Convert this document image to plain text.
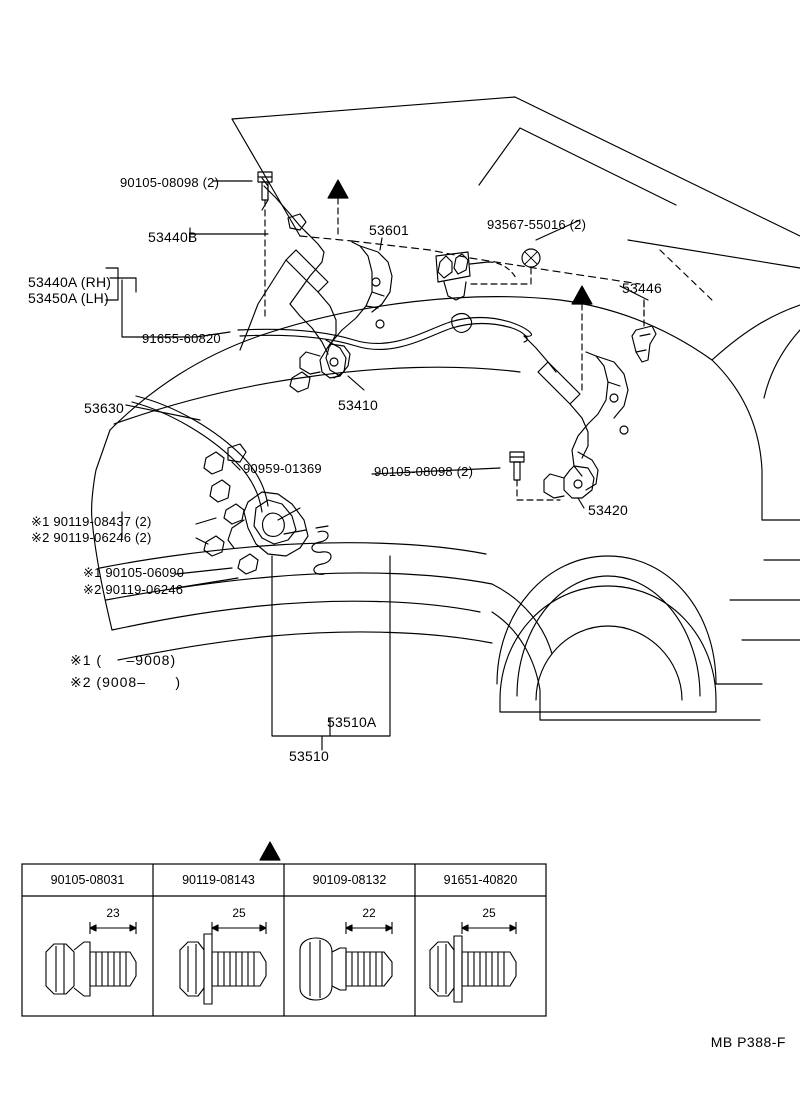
90105-08098 (2)
53440B	53601	93567-55016 (2)
53440A (RH)
53450A (LH)
53446
91655-60820
53410
53630
90959-01369	90105-08098 (2)
53420
※1 90119-08437 (2)
※2 90119-06246 (2)
※1 90105-06090
※2 90119-06246
53510A
53510
※1 (     –9008)
※2 (9008–      )
90105-08031	90119-08143	90109-08132	91651-40820
23	25	22	25
MB P388-F
